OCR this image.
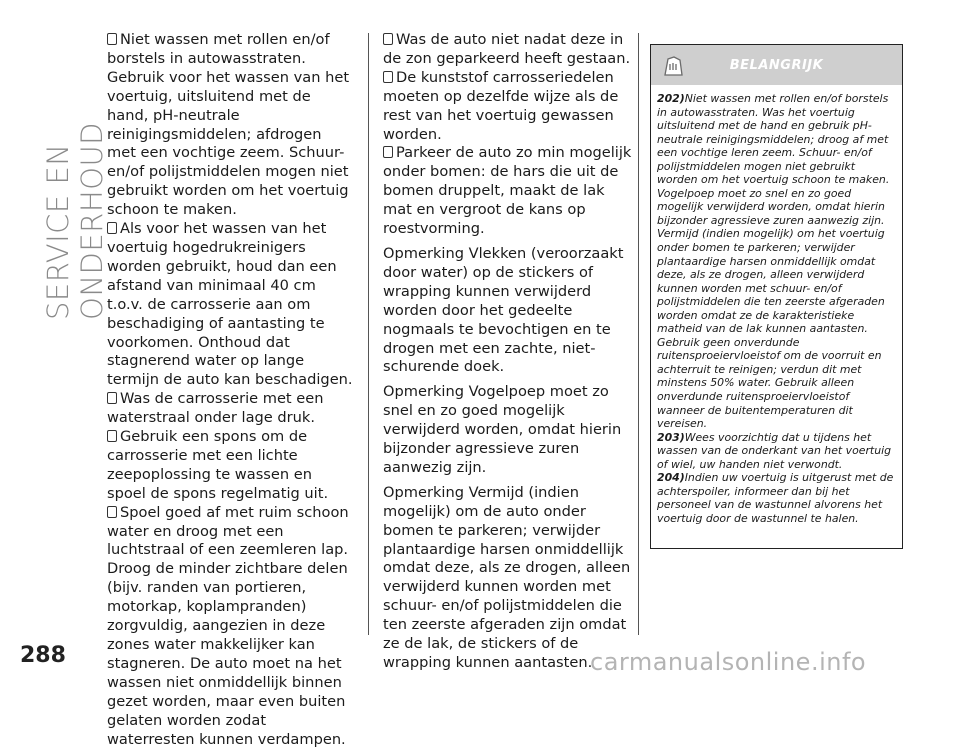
SERVICE EN ONDERHOUD

Niet wassen met rollen en/of borstels in autowasstraten. Gebruik voor het wassen van het voertuig, uitsluitend met de hand, pH-neutrale reinigingsmiddelen; afdrogen met een vochtige zeem. Schuur- en/of polijstmiddelen mogen niet gebruikt worden om het voertuig schoon te maken.

Als voor het wassen van het voertuig hogedrukreinigers worden gebruikt, houd dan een afstand van minimaal 40 cm t.o.v. de carrosserie aan om beschadiging of aantasting te voorkomen. Onthoud dat stagnerend water op lange termijn de auto kan beschadigen.

Was de carrosserie met een waterstraal onder lage druk.

Gebruik een spons om de carrosserie met een lichte zeepoplossing te wassen en spoel de spons regelmatig uit.

Spoel goed af met ruim schoon water en droog met een luchtstraal of een zeemleren lap. Droog de minder zichtbare delen (bijv. randen van portieren, motorkap, koplampranden) zorgvuldig, aangezien in deze zones water makkelijker kan stagneren. De auto moet na het wassen niet onmiddellijk binnen gezet worden, maar even buiten gelaten worden zodat waterresten kunnen verdampen.

Was de auto niet nadat deze in de zon geparkeerd heeft gestaan.

De kunststof carrosseriedelen moeten op dezelfde wijze als de rest van het voertuig gewassen worden.

Parkeer de auto zo min mogelijk onder bomen: de hars die uit de bomen druppelt, maakt de lak mat en vergroot de kans op roestvorming.

Opmerking Vlekken (veroorzaakt door water) op de stickers of wrapping kunnen verwijderd worden door het gedeelte nogmaals te bevochtigen en te drogen met een zachte, niet-schurende doek.

Opmerking Vogelpoep moet zo snel en zo goed mogelijk verwijderd worden, omdat hierin bijzonder agressieve zuren aanwezig zijn.

Opmerking Vermijd (indien mogelijk) om de auto onder bomen te parkeren; verwijder plantaardige harsen onmiddellijk omdat deze, als ze drogen, alleen verwijderd kunnen worden met schuur- en/of polijstmiddelen die ten zeerste afgeraden zijn omdat ze de lak, de stickers of de wrapping kunnen aantasten.

BELANGRIJK

202)Niet wassen met rollen en/of borstels in autowasstraten. Was het voertuig uitsluitend met de hand en gebruik pH-neutrale reinigingsmiddelen; droog af met een vochtige leren zeem. Schuur- en/of polijstmiddelen mogen niet gebruikt worden om het voertuig schoon te maken. Vogelpoep moet zo snel en zo goed mogelijk verwijderd worden, omdat hierin bijzonder agressieve zuren aanwezig zijn. Vermijd (indien mogelijk) om het voertuig onder bomen te parkeren; verwijder plantaardige harsen onmiddellijk omdat deze, als ze drogen, alleen verwijderd kunnen worden met schuur- en/of polijstmiddelen die ten zeerste afgeraden worden omdat ze de karakteristieke matheid van de lak kunnen aantasten. Gebruik geen onverdunde ruitensproeiervloeistof om de voorruit en achterruit te reinigen; verdun dit met minstens 50% water. Gebruik alleen onverdunde ruitensproeiervloeistof wanneer de buitentemperaturen dit vereisen.

203)Wees voorzichtig dat u tijdens het wassen van de onderkant van het voertuig of wiel, uw handen niet verwondt.

204)Indien uw voertuig is uitgerust met de achterspoiler, informeer dan bij het personeel van de wastunnel alvorens het voertuig door de wastunnel te halen.

288	carmanualsonline.info
